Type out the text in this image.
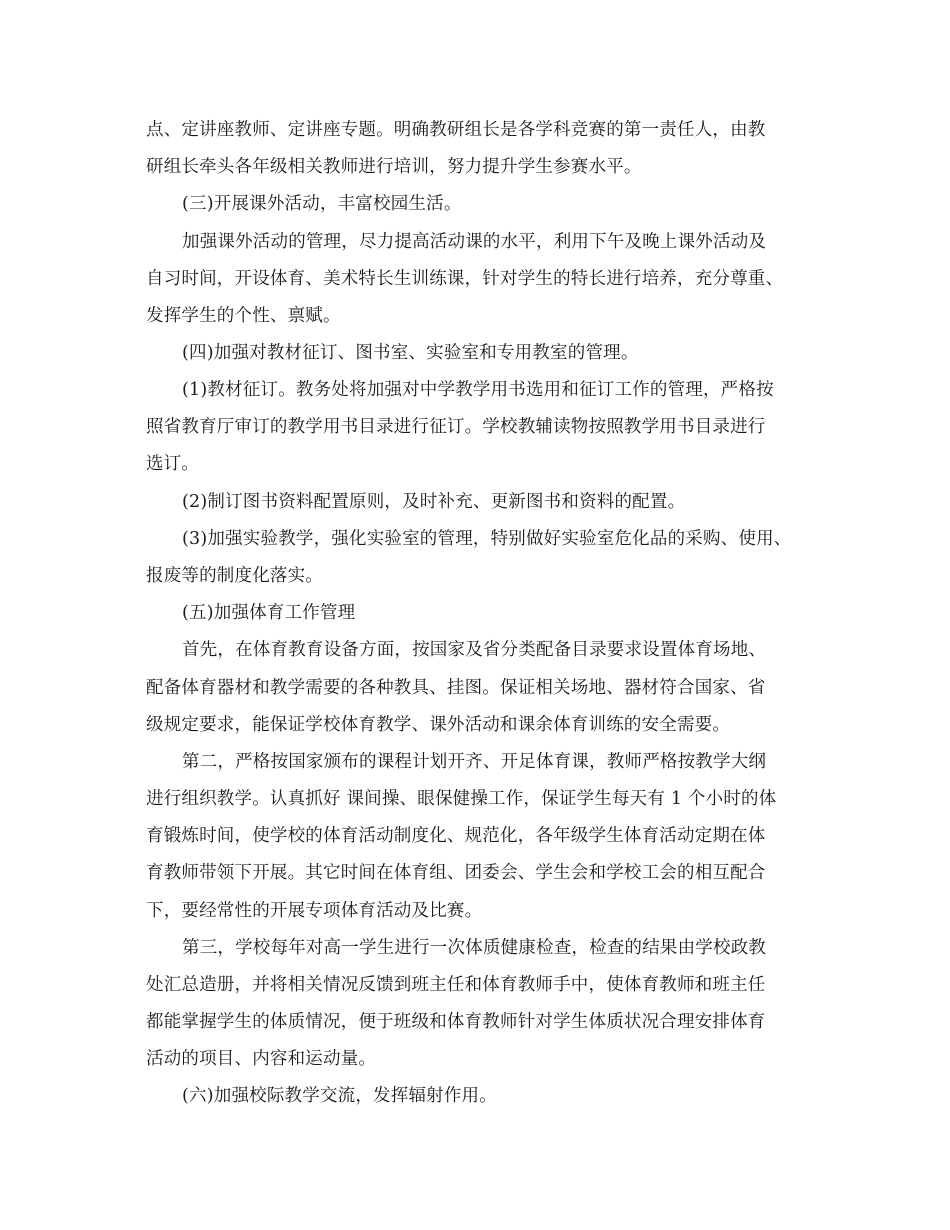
点、定讲座教师、定讲座专题。明确教研组长是各学科竞赛的第一责任人，由教
研组长牵头各年级相关教师进行培训，努力提升学生参赛水平。
(三)开展课外活动，丰富校园生活。
加强课外活动的管理，尽力提高活动课的水平，利用下午及晚上课外活动及
自习时间，开设体育、美术特长生训练课，针对学生的特长进行培养，充分尊重、
发挥学生的个性、禀赋。
(四)加强对教材征订、图书室、实验室和专用教室的管理。
(1)教材征订。教务处将加强对中学教学用书选用和征订工作的管理，严格按
照省教育厅审订的教学用书目录进行征订。学校教辅读物按照教学用书目录进行
选订。
(2)制订图书资料配置原则，及时补充、更新图书和资料的配置。
(3)加强实验教学，强化实验室的管理，特别做好实验室危化品的采购、使用、
报废等的制度化落实。
(五)加强体育工作管理
首先，在体育教育设备方面，按国家及省分类配备目录要求设置体育场地、
配备体育器材和教学需要的各种教具、挂图。保证相关场地、器材符合国家、省
级规定要求，能保证学校体育教学、课外活动和课余体育训练的安全需要。
第二，严格按国家颁布的课程计划开齐、开足体育课，教师严格按教学大纲
进行组织教学。认真抓好 课间操、眼保健操工作，保证学生每天有 1 个小时的体
育锻炼时间，使学校的体育活动制度化、规范化，各年级学生体育活动定期在体
育教师带领下开展。其它时间在体育组、团委会、学生会和学校工会的相互配合
下，要经常性的开展专项体育活动及比赛。
第三，学校每年对高一学生进行一次体质健康检查，检查的结果由学校政教
处汇总造册，并将相关情况反馈到班主任和体育教师手中，使体育教师和班主任
都能掌握学生的体质情况，便于班级和体育教师针对学生体质状况合理安排体育
活动的项目、内容和运动量。
(六)加强校际教学交流，发挥辐射作用。
